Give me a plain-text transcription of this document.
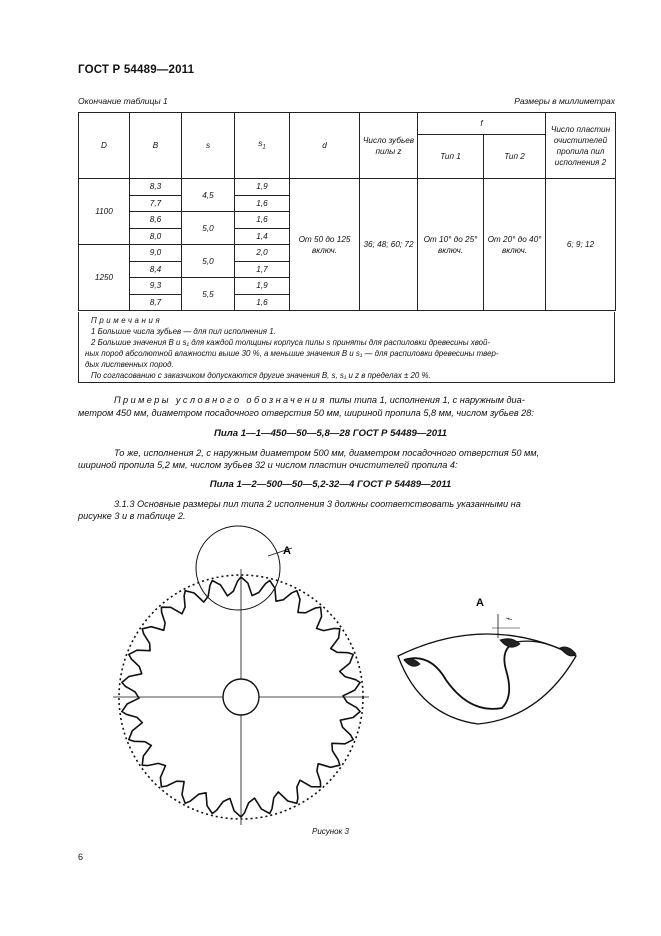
ГОСТ Р 54489—2011
Окончание таблицы 1	Размеры в миллиметрах
D	B	s	$s_1$	d	Число зубьев пилы z	f		Число пластин очистителей пропила пил исполнения 2
						Тип 1	Тип 2	
1100	8,3	4,5	1,9	От 50 до 125 включ.	36; 48; 60; 72	От 10° до 25° включ.	От 20° до 40° включ.	6; 9; 12
	7,7		1,6					
	8,6	5,0	1,6					
	8,0		1,4					
1250	9,0	5,0	2,0					
	8,4		1,7					
	9,3	5,5	1,9					
	8,7		1,6					
Примечания
1 Большие числа зубьев — для пил исполнения 1.
2 Большие значения B и s₁ для каждой толщины корпуса пилы s приняты для распиловки древесины хвой-
ных пород абсолютной влажности выше 30 %, а меньшие значения B и s₁ — для распиловки древесины твер-
дых лиственных пород.
По согласованию с заказчиком допускаются другие значения B, s, s₁ и z в пределах ± 20 %.
Примеры условного обозначения пилы типа 1, исполнения 1, с наружным диа-
метром 450 мм, диаметром посадочного отверстия 50 мм, шириной пропила 5,8 мм, числом зубьев 28:
Пила 1—1—450—50—5,8—28 ГОСТ Р 54489—2011
То же, исполнения 2, с наружным диаметром 500 мм, диаметром посадочного отверстия 50 мм,
шириной пропила 5,2 мм, числом зубьев 32 и числом пластин очистителей пропила 4:
Пила 1—2—500—50—5,2-32—4 ГОСТ Р 54489—2011
3.1.3 Основные размеры пил типа 2 исполнения 3 должны соответствовать указанными на
рисунке 3 и в таблице 2.
A
A
f
Рисунок 3
6
